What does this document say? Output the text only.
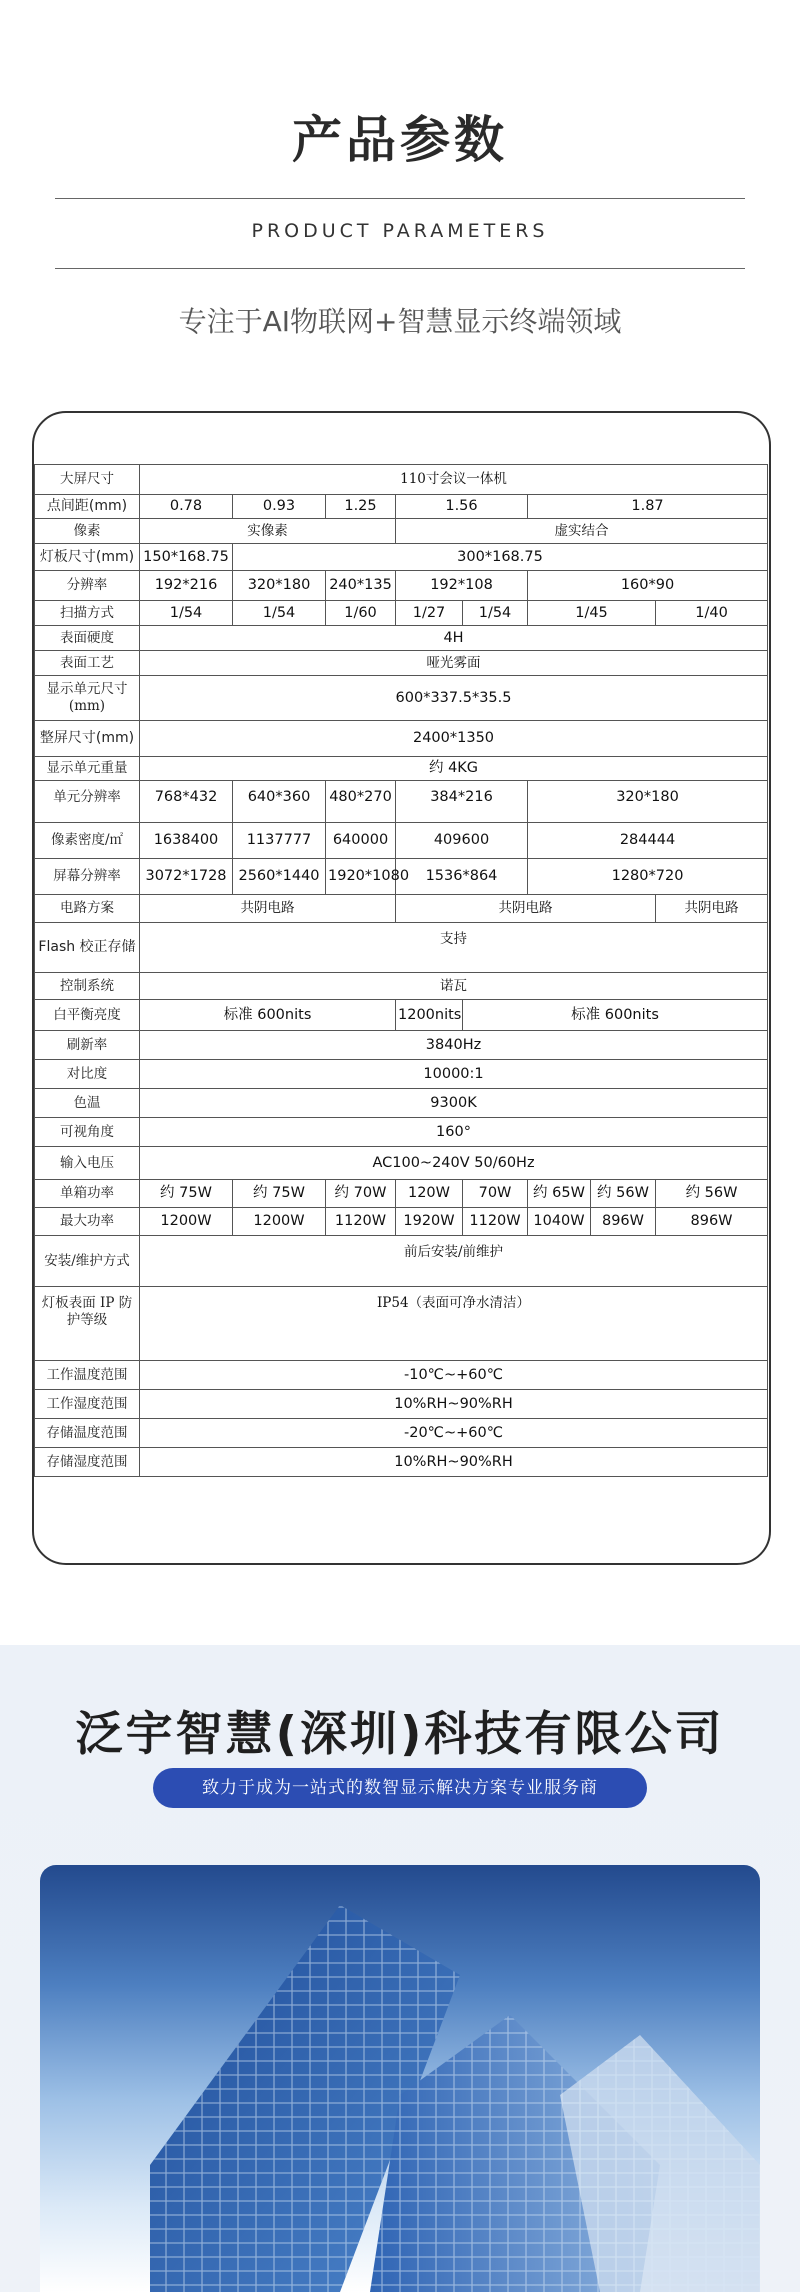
产品参数
PRODUCT PARAMETERS
专注于AI物联网+智慧显示终端领域
大屏尺寸	110寸会议一体机								
点间距(mm)	0.78	0.93	1.25	1.56		1.87	
像素	实像素			虚实结合					
灯板尺寸(mm)	150*168.75	300*168.75							
分辨率	192*216	320*180	240*135	192*108		160*90	
扫描方式	1/54	1/54	1/60	1/27	1/54	1/45		1/40	
表面硬度	4H								
表面工艺	哑光雾面								
显示单元尺寸(mm)	600*337.5*35.5								
整屏尺寸(mm)	2400*1350								
显示单元重量	约 4KG								
单元分辨率	768*432	640*360	480*270	384*216		320*180	
像素密度/㎡	1638400	1137777	640000	409600		284444	
屏幕分辨率	3072*1728	2560*1440	1920*1080	1536*864		1280*720	
电路方案	共阴电路			共阴电路				共阴电路	
Flash 校正存储	支持								
控制系统	诺瓦								
白平衡亮度	标准 600nits			1200nits	标准 600nits				
刷新率	3840Hz								
对比度	10000:1								
色温	9300K								
可视角度	160°								
输入电压	AC100~240V 50/60Hz								
单箱功率	约 75W	约 75W	约 70W	120W	70W	约 65W	约 56W	约 56W	
最大功率	1200W	1200W	1120W	1920W	1120W	1040W	896W	896W	
安装/维护方式	前后安装/前维护								
灯板表面 IP 防护等级	IP54（表面可净水清洁）								
工作温度范围	-10℃~+60℃								
工作湿度范围	10%RH~90%RH								
存储温度范围	-20℃~+60℃								
存储湿度范围	10%RH~90%RH								
泛宇智慧(深圳)科技有限公司
致力于成为一站式的数智显示解决方案专业服务商
